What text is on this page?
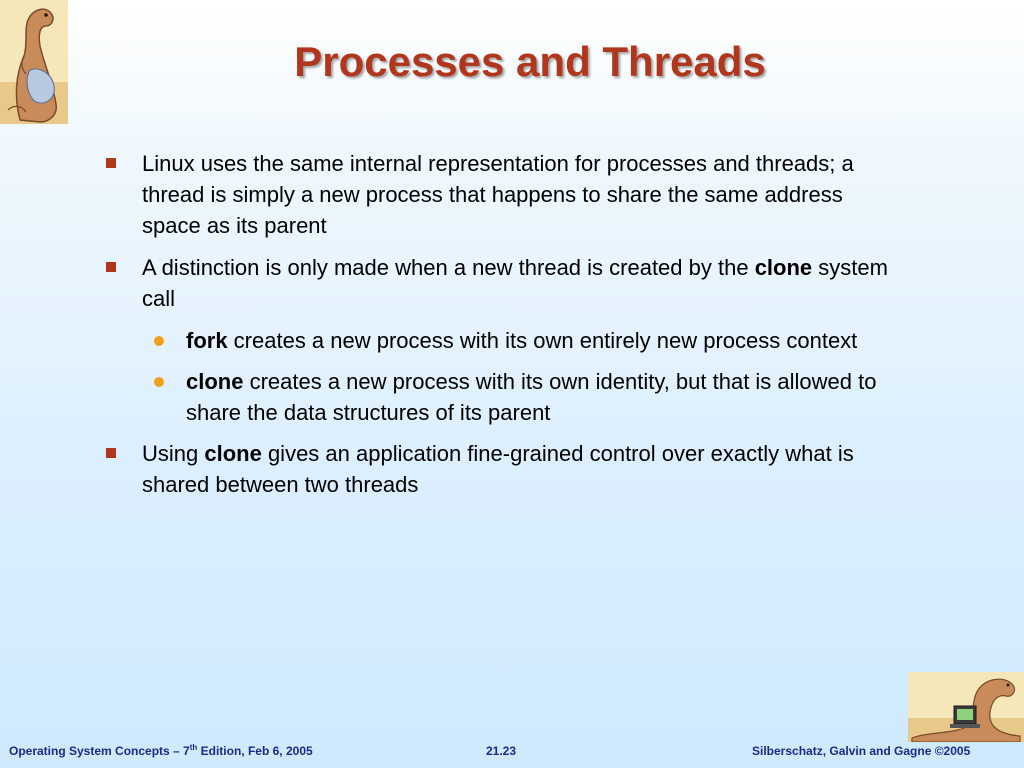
Processes and Threads
Linux uses the same internal representation for processes and threads; a thread is simply a new process that happens to share the same address space as its parent
A distinction is only made when a new thread is created by the clone system call
fork creates a new process with its own entirely new process context
clone creates a new process with its own identity, but that is allowed to share the data structures of its parent
Using clone gives an application fine-grained control over exactly what is shared between two threads
Operating System Concepts – 7th Edition, Feb 6, 2005	21.23	Silberschatz, Galvin and Gagne ©2005
